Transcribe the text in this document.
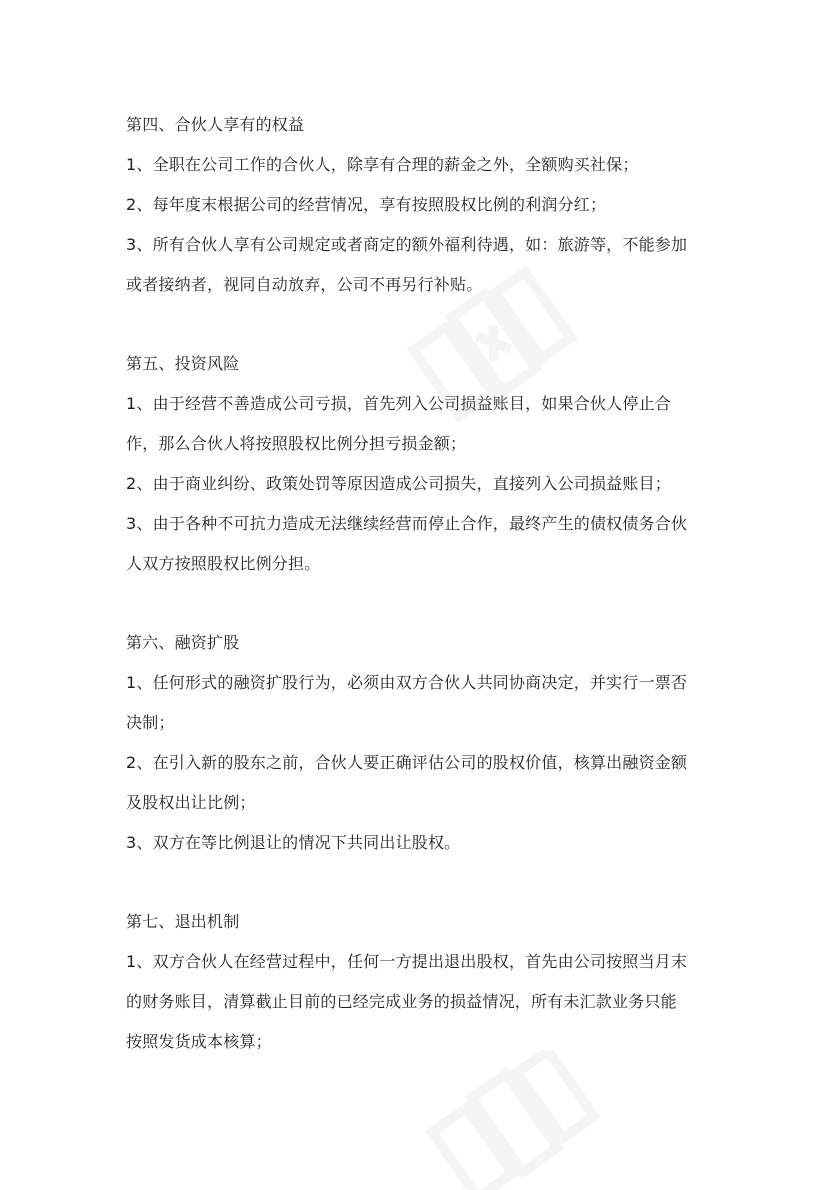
第四、合伙人享有的权益
1、全职在公司工作的合伙人，除享有合理的薪金之外，全额购买社保；
2、每年度末根据公司的经营情况，享有按照股权比例的利润分红；
3、所有合伙人享有公司规定或者商定的额外福利待遇，如：旅游等，不能参加
或者接纳者，视同自动放弃，公司不再另行补贴。
第五、投资风险
1、由于经营不善造成公司亏损，首先列入公司损益账目，如果合伙人停止合
作，那么合伙人将按照股权比例分担亏损金额；
2、由于商业纠纷、政策处罚等原因造成公司损失，直接列入公司损益账目；
3、由于各种不可抗力造成无法继续经营而停止合作，最终产生的债权债务合伙
人双方按照股权比例分担。
第六、融资扩股
1、任何形式的融资扩股行为，必须由双方合伙人共同协商决定，并实行一票否
决制；
2、在引入新的股东之前，合伙人要正确评估公司的股权价值，核算出融资金额
及股权出让比例；
3、双方在等比例退让的情况下共同出让股权。
第七、退出机制
1、双方合伙人在经营过程中，任何一方提出退出股权，首先由公司按照当月末
的财务账目，清算截止目前的已经完成业务的损益情况，所有未汇款业务只能
按照发货成本核算；
